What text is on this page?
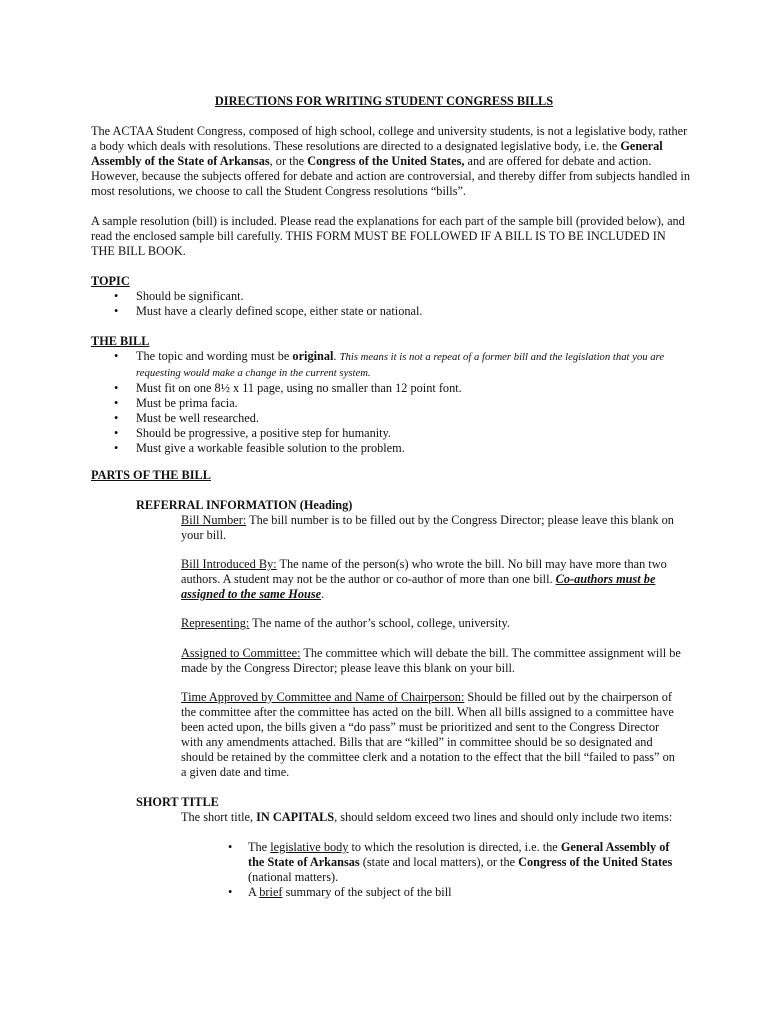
DIRECTIONS FOR WRITING STUDENT CONGRESS BILLS

The ACTAA Student Congress, composed of high school, college and university students, is not a legislative body, rather a body which deals with resolutions. These resolutions are directed to a designated legislative body, i.e. the General Assembly of the State of Arkansas, or the Congress of the United States, and are offered for debate and action. However, because the subjects offered for debate and action are controversial, and thereby differ from subjects handled in most resolutions, we choose to call the Student Congress resolutions “bills”.

A sample resolution (bill) is included. Please read the explanations for each part of the sample bill (provided below), and read the enclosed sample bill carefully. THIS FORM MUST BE FOLLOWED IF A BILL IS TO BE INCLUDED IN THE BILL BOOK.

TOPIC
• Should be significant.
• Must have a clearly defined scope, either state or national.
THE BILL
• The topic and wording must be original. This means it is not a repeat of a former bill and the legislation that you are requesting would make a change in the current system.
• Must fit on one 8½ x 11 page, using no smaller than 12 point font.
• Must be prima facia.
• Must be well researched.
• Should be progressive, a positive step for humanity.
• Must give a workable feasible solution to the problem.
PARTS OF THE BILL
REFERRAL INFORMATION (Heading)

Bill Number: The bill number is to be filled out by the Congress Director; please leave this blank on your bill.

Bill Introduced By: The name of the person(s) who wrote the bill. No bill may have more than two authors. A student may not be the author or co-author of more than one bill. Co-authors must be assigned to the same House.

Representing: The name of the author’s school, college, university.

Assigned to Committee: The committee which will debate the bill. The committee assignment will be made by the Congress Director; please leave this blank on your bill.

Time Approved by Committee and Name of Chairperson: Should be filled out by the chairperson of the committee after the committee has acted on the bill. When all bills assigned to a committee have been acted upon, the bills given a “do pass” must be prioritized and sent to the Congress Director with any amendments attached. Bills that are “killed” in committee should be so designated and should be retained by the committee clerk and a notation to the effect that the bill “failed to pass” on a given date and time.

SHORT TITLE

The short title, IN CAPITALS, should seldom exceed two lines and should only include two items:

• The legislative body to which the resolution is directed, i.e. the General Assembly of the State of Arkansas (state and local matters), or the Congress of the United States (national matters).
• A brief summary of the subject of the bill
